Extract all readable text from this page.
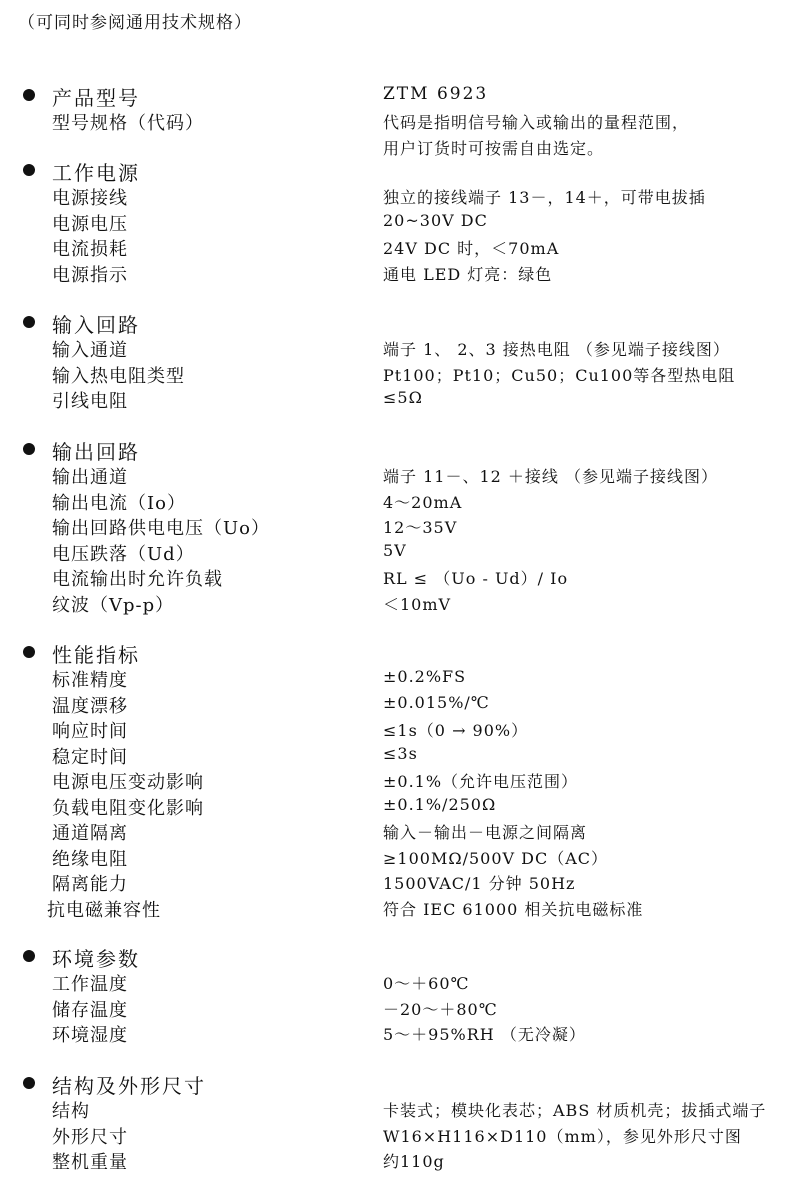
（可同时参阅通用技术规格）
产品型号	ZTM 6923
型号规格（代码）	代码是指明信号输入或输出的量程范围，
用户订货时可按需自由选定。
工作电源
电源接线	独立的接线端子 13－，14＋，可带电拔插
电源电压	20~30V DC
电流损耗	24V DC 时，＜70mA
电源指示	通电 LED 灯亮：绿色
输入回路
输入通道	端子 1、 2、3 接热电阻 （参见端子接线图）
输入热电阻类型	Pt100；Pt10；Cu50；Cu100等各型热电阻
引线电阻	≤5Ω
输出回路
输出通道	端子 11－、12 ＋接线 （参见端子接线图）
输出电流（Io）	4～20mA
输出回路供电电压（Uo）	12～35V
电压跌落（Ud）	5V
电流输出时允许负载	RL ≤ （Uo - Ud）/ Io
纹波（Vp-p）	＜10mV
性能指标
标准精度	±0.2%FS
温度漂移	±0.015%/℃
响应时间	≤1s（0 → 90%）
稳定时间	≤3s
电源电压变动影响	±0.1%（允许电压范围）
负载电阻变化影响	±0.1%/250Ω
通道隔离	输入－输出－电源之间隔离
绝缘电阻	≥100MΩ/500V DC（AC）
隔离能力	1500VAC/1 分钟 50Hz
抗电磁兼容性	符合 IEC 61000 相关抗电磁标准
环境参数
工作温度	0～＋60℃
储存温度	－20～＋80℃
环境湿度	5～＋95%RH （无冷凝）
结构及外形尺寸
结构	卡装式；模块化表芯；ABS 材质机壳；拔插式端子
外形尺寸	W16×H116×D110（mm），参见外形尺寸图
整机重量	约110g
